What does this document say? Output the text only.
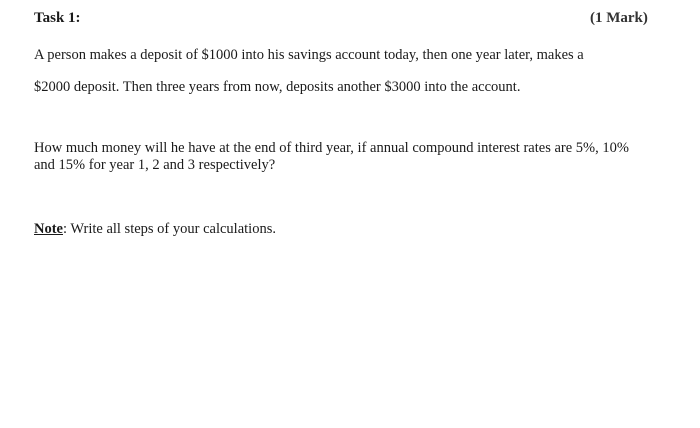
Task 1:	(1 Mark)
A person makes a deposit of $1000 into his savings account today, then one year later, makes a
$2000 deposit. Then three years from now, deposits another $3000 into the account.
How much money will he have at the end of third year, if annual compound interest rates are 5%, 10%
and 15% for year 1, 2 and 3 respectively?
Note: Write all steps of your calculations.
